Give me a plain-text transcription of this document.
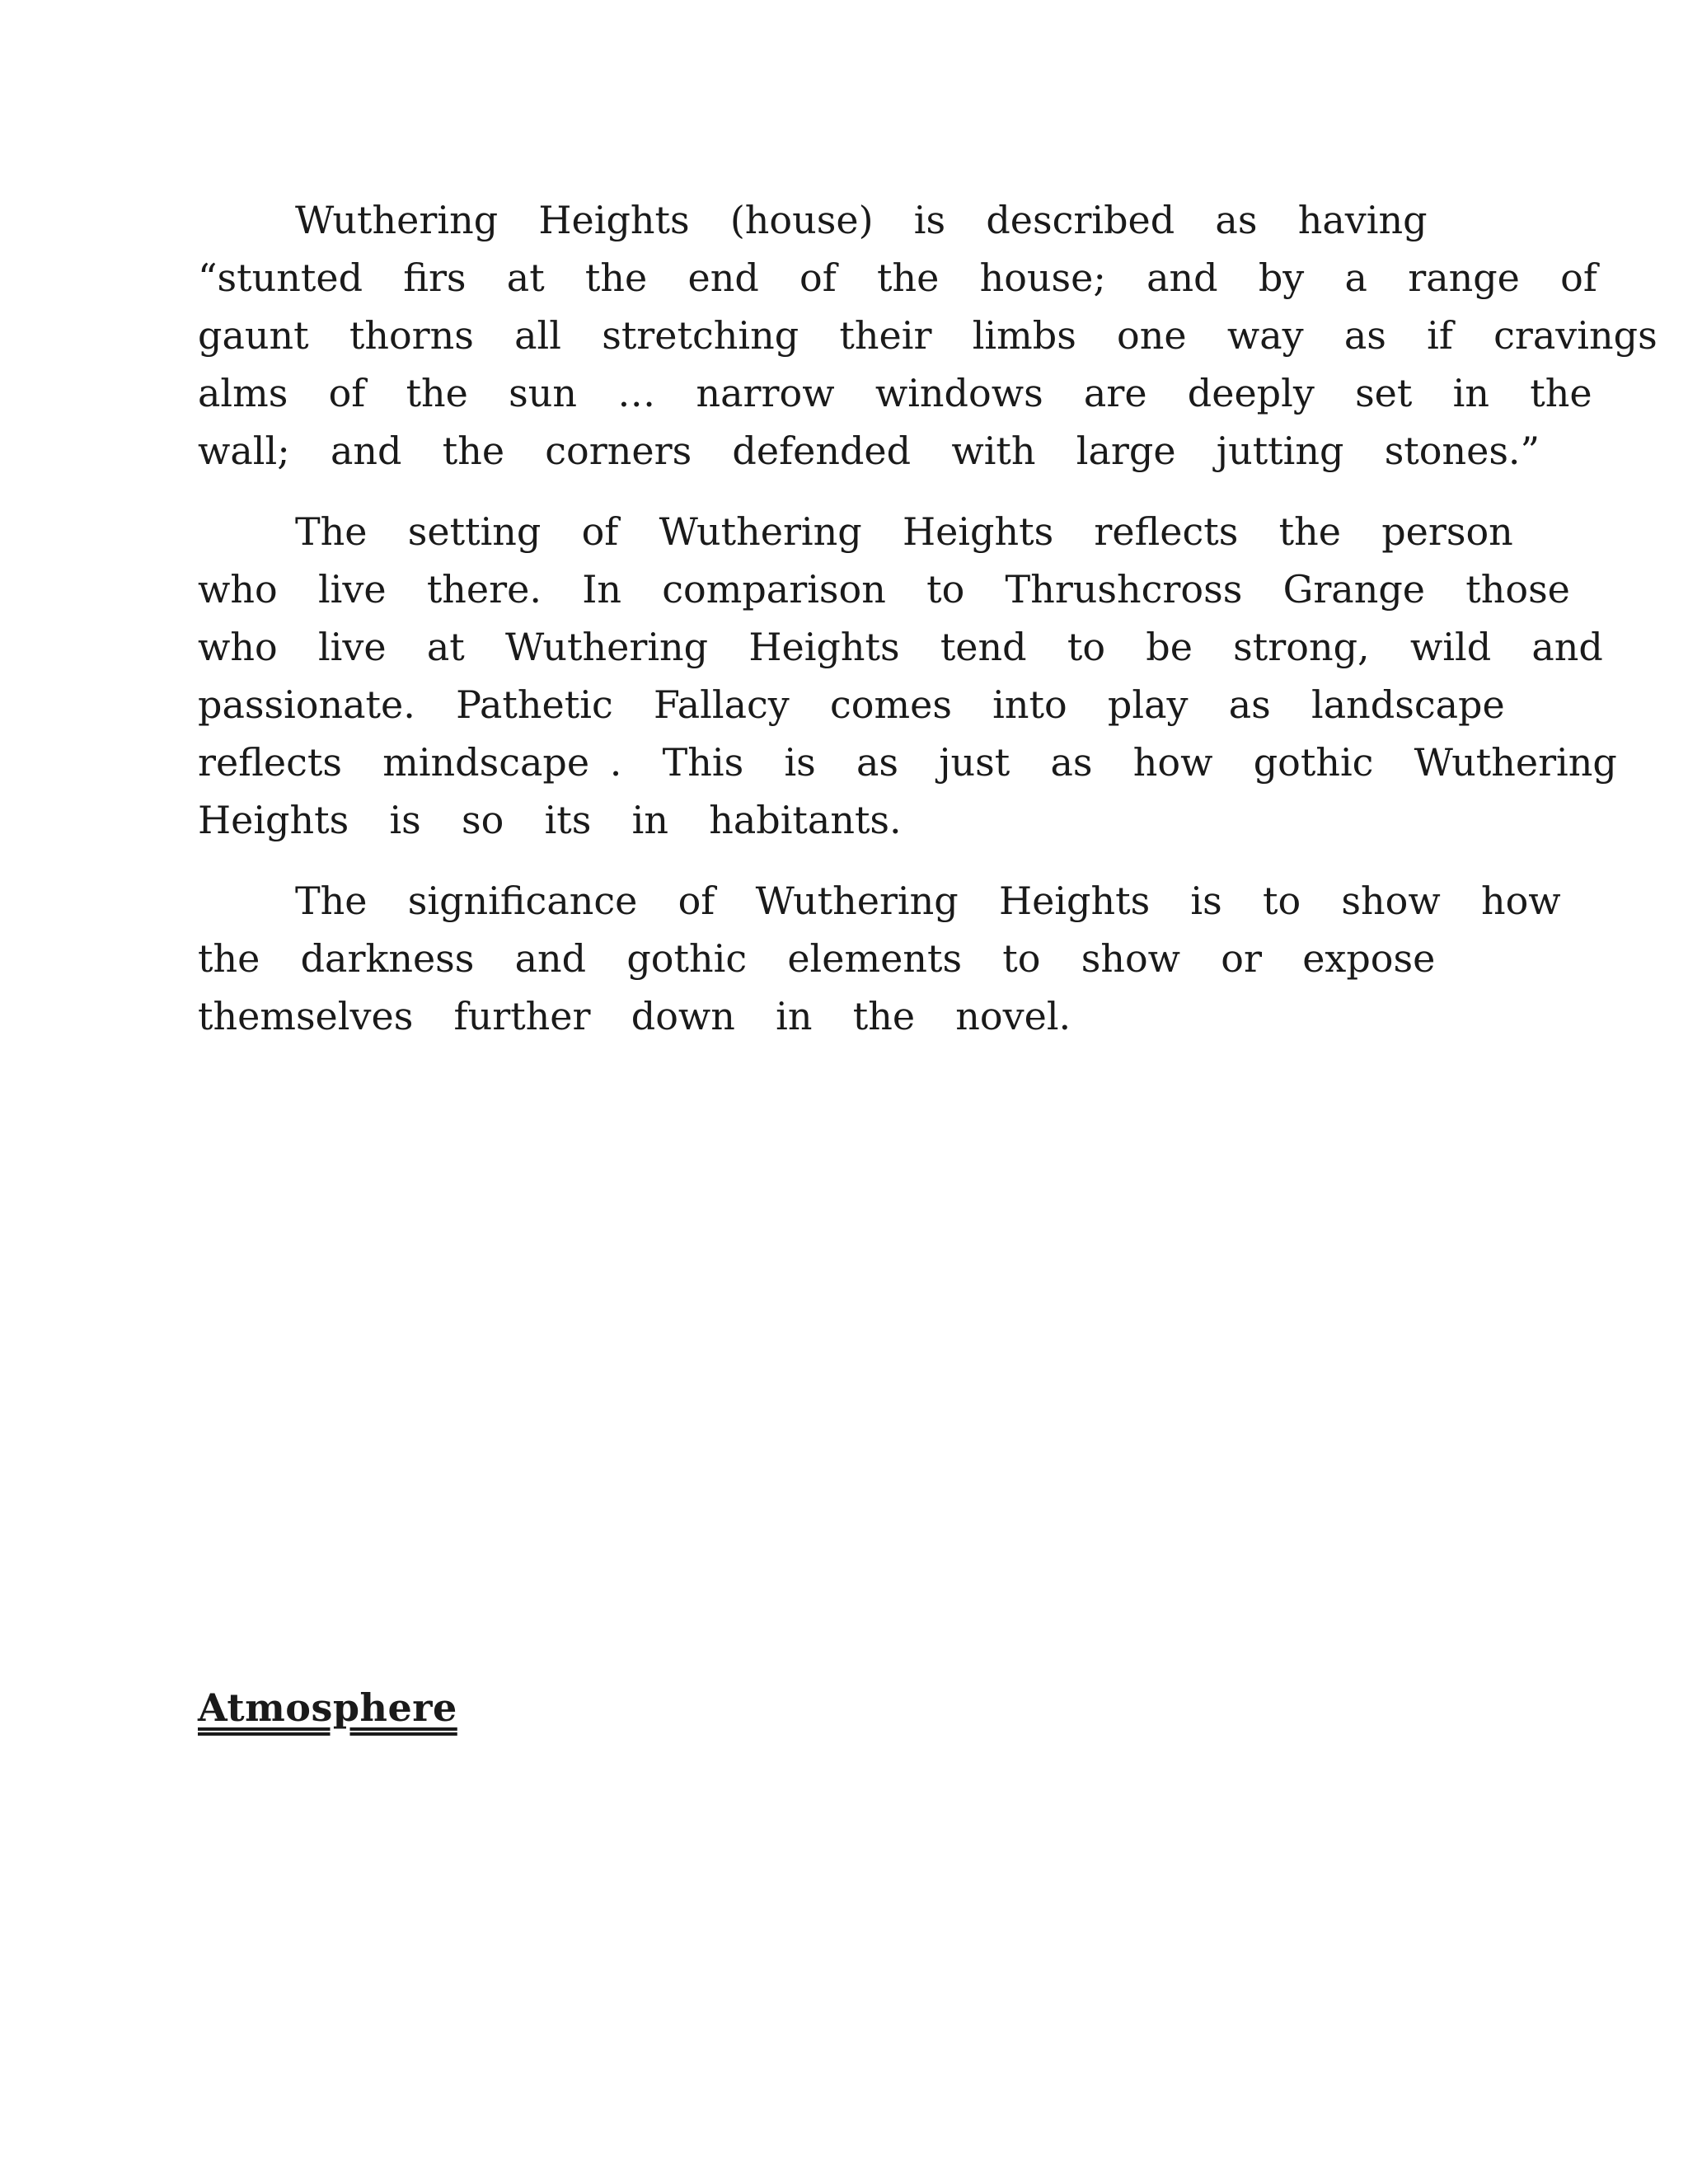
Wuthering  Heights  (house)  is  described  as  having
“stunted  firs  at  the  end  of  the  house;  and  by  a  range  of
gaunt  thorns  all  stretching  their  limbs  one  way  as  if  cravings
alms  of  the  sun  …  narrow  windows  are  deeply  set  in  the
wall;  and  the  corners  defended  with  large  jutting  stones.”

The  setting  of  Wuthering  Heights  reflects  the  person
who  live  there.  In  comparison  to  Thrushcross  Grange  those
who  live  at  Wuthering  Heights  tend  to  be  strong,  wild  and
passionate.  Pathetic  Fallacy  comes  into  play  as  landscape
reflects  mindscape .  This  is  as  just  as  how  gothic  Wuthering
Heights  is  so  its  in  habitants.

The  significance  of  Wuthering  Heights  is  to  show  how
the  darkness  and  gothic  elements  to  show  or  expose
themselves  further  down  in  the  novel.

Atmosphere
